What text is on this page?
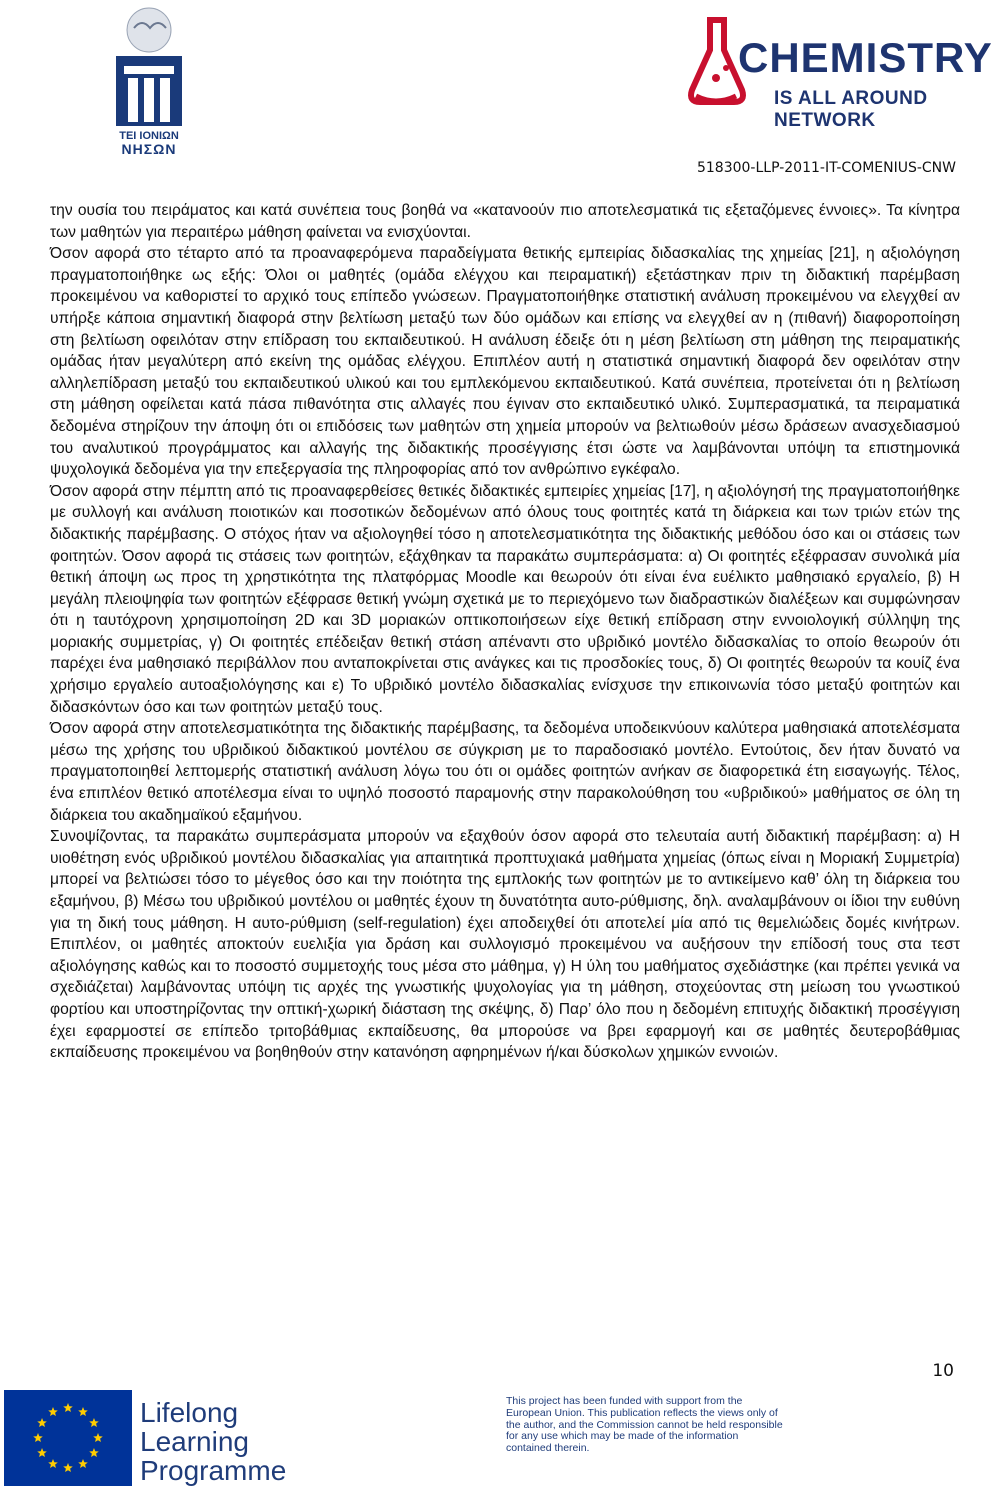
ΤΕΙ ΙΟΝΙΩΝ
ΝΗΣΩΝ
CHEMISTRY
IS ALL AROUND NETWORK
518300-LLP-2011-IT-COMENIUS-CNW

την ουσία του πειράματος και κατά συνέπεια τους βοηθά να «κατανοούν πιο αποτελεσματικά τις εξεταζόμενες έννοιες». Τα κίνητρα των μαθητών για περαιτέρω μάθηση φαίνεται να ενισχύονται.

Όσον αφορά στο τέταρτο από τα προαναφερόμενα παραδείγματα θετικής εμπειρίας διδασκαλίας της χημείας [21], η αξιολόγηση πραγματοποιήθηκε ως εξής: Όλοι οι μαθητές (ομάδα ελέγχου και πειραματική) εξετάστηκαν πριν τη διδακτική παρέμβαση προκειμένου να καθοριστεί το αρχικό τους επίπεδο γνώσεων. Πραγματοποιήθηκε στατιστική ανάλυση προκειμένου να ελεγχθεί αν υπήρξε κάποια σημαντική διαφορά στην βελτίωση μεταξύ των δύο ομάδων και επίσης να ελεγχθεί αν η (πιθανή) διαφοροποίηση στη βελτίωση οφειλόταν στην επίδραση του εκπαιδευτικού. Η ανάλυση έδειξε ότι η μέση βελτίωση στη μάθηση της πειραματικής ομάδας ήταν μεγαλύτερη από εκείνη της ομάδας ελέγχου. Επιπλέον αυτή η στατιστικά σημαντική διαφορά δεν οφειλόταν στην αλληλεπίδραση μεταξύ του εκπαιδευτικού υλικού και του εμπλεκόμενου εκπαιδευτικού. Κατά συνέπεια, προτείνεται ότι η βελτίωση στη μάθηση οφείλεται κατά πάσα πιθανότητα στις αλλαγές που έγιναν στο εκπαιδευτικό υλικό. Συμπερασματικά, τα πειραματικά δεδομένα στηρίζουν την άποψη ότι οι επιδόσεις των μαθητών στη χημεία μπορούν να βελτιωθούν μέσω δράσεων ανασχεδιασμού του αναλυτικού προγράμματος και αλλαγής της διδακτικής προσέγγισης έτσι ώστε να λαμβάνονται υπόψη τα επιστημονικά ψυχολογικά δεδομένα για την επεξεργασία της πληροφορίας από τον ανθρώπινο εγκέφαλο.

Όσον αφορά στην πέμπτη από τις προαναφερθείσες θετικές διδακτικές εμπειρίες χημείας [17], η αξιολόγησή της πραγματοποιήθηκε με συλλογή και ανάλυση ποιοτικών και ποσοτικών δεδομένων από όλους τους φοιτητές κατά τη διάρκεια και των τριών ετών της διδακτικής παρέμβασης. Ο στόχος ήταν να αξιολογηθεί τόσο η αποτελεσματικότητα της διδακτικής μεθόδου όσο και οι στάσεις των φοιτητών. Όσον αφορά τις στάσεις των φοιτητών, εξάχθηκαν τα παρακάτω συμπεράσματα: α) Οι φοιτητές εξέφρασαν συνολικά μία θετική άποψη ως προς τη χρηστικότητα της πλατφόρμας Moodle και θεωρούν ότι είναι ένα ευέλικτο μαθησιακό εργαλείο, β) Η μεγάλη πλειοψηφία των φοιτητών εξέφρασε θετική γνώμη σχετικά με το περιεχόμενο των διαδραστικών διαλέξεων και συμφώνησαν ότι η ταυτόχρονη χρησιμοποίηση 2D και 3D μοριακών οπτικοποιήσεων είχε θετική επίδραση στην εννοιολογική σύλληψη της μοριακής συμμετρίας, γ) Οι φοιτητές επέδειξαν θετική στάση απέναντι στο υβριδικό μοντέλο διδασκαλίας το οποίο θεωρούν ότι παρέχει ένα μαθησιακό περιβάλλον που ανταποκρίνεται στις ανάγκες και τις προσδοκίες τους, δ) Οι φοιτητές θεωρούν τα κουίζ ένα χρήσιμο εργαλείο αυτοαξιολόγησης και ε) Το υβριδικό μοντέλο διδασκαλίας ενίσχυσε την επικοινωνία τόσο μεταξύ φοιτητών και διδασκόντων όσο και των φοιτητών μεταξύ τους.

Όσον αφορά στην αποτελεσματικότητα της διδακτικής παρέμβασης, τα δεδομένα υποδεικνύουν καλύτερα μαθησιακά αποτελέσματα μέσω της χρήσης του υβριδικού διδακτικού μοντέλου σε σύγκριση με το παραδοσιακό μοντέλο. Εντούτοις, δεν ήταν δυνατό να πραγματοποιηθεί λεπτομερής στατιστική ανάλυση λόγω του ότι οι ομάδες φοιτητών ανήκαν σε διαφορετικά έτη εισαγωγής. Τέλος, ένα επιπλέον θετικό αποτέλεσμα είναι το υψηλό ποσοστό παραμονής στην παρακολούθηση του «υβριδικού» μαθήματος σε όλη τη διάρκεια του ακαδημαϊκού εξαμήνου.

Συνοψίζοντας, τα παρακάτω συμπεράσματα μπορούν να εξαχθούν όσον αφορά στο τελευταία αυτή διδακτική παρέμβαση: α) Η υιοθέτηση ενός υβριδικού μοντέλου διδασκαλίας για απαιτητικά προπτυχιακά μαθήματα χημείας (όπως είναι η Μοριακή Συμμετρία) μπορεί να βελτιώσει τόσο το μέγεθος όσο και την ποιότητα της εμπλοκής των φοιτητών με το αντικείμενο καθ’ όλη τη διάρκεια του εξαμήνου, β) Μέσω του υβριδικού μοντέλου οι μαθητές έχουν τη δυνατότητα αυτο-ρύθμισης, δηλ. αναλαμβάνουν οι ίδιοι την ευθύνη για τη δική τους μάθηση. Η αυτο-ρύθμιση (self-regulation) έχει αποδειχθεί ότι αποτελεί μία από τις θεμελιώδεις δομές κινήτρων. Επιπλέον, οι μαθητές αποκτούν ευελιξία για δράση και συλλογισμό προκειμένου να αυξήσουν την επίδοσή τους στα τεστ αξιολόγησης καθώς και το ποσοστό συμμετοχής τους μέσα στο μάθημα, γ) Η ύλη του μαθήματος σχεδιάστηκε (και πρέπει γενικά να σχεδιάζεται) λαμβάνοντας υπόψη τις αρχές της γνωστικής ψυχολογίας για τη μάθηση, στοχεύοντας στη μείωση του γνωστικού φορτίου και υποστηρίζοντας την οπτική-χωρική διάσταση της σκέψης, δ) Παρ’ όλο που η δεδομένη επιτυχής διδακτική προσέγγιση έχει εφαρμοστεί σε επίπεδο τριτοβάθμιας εκπαίδευσης, θα μπορούσε να βρει εφαρμογή και σε μαθητές δευτεροβάθμιας εκπαίδευσης προκειμένου να βοηθηθούν στην κατανόηση αφηρημένων ή/και δύσκολων χημικών εννοιών.

10
Lifelong
Learning
Programme
This project has been funded with support from the European Union. This publication reflects the views only of the author, and the Commission cannot be held responsible for any use which may be made of the information contained therein.
